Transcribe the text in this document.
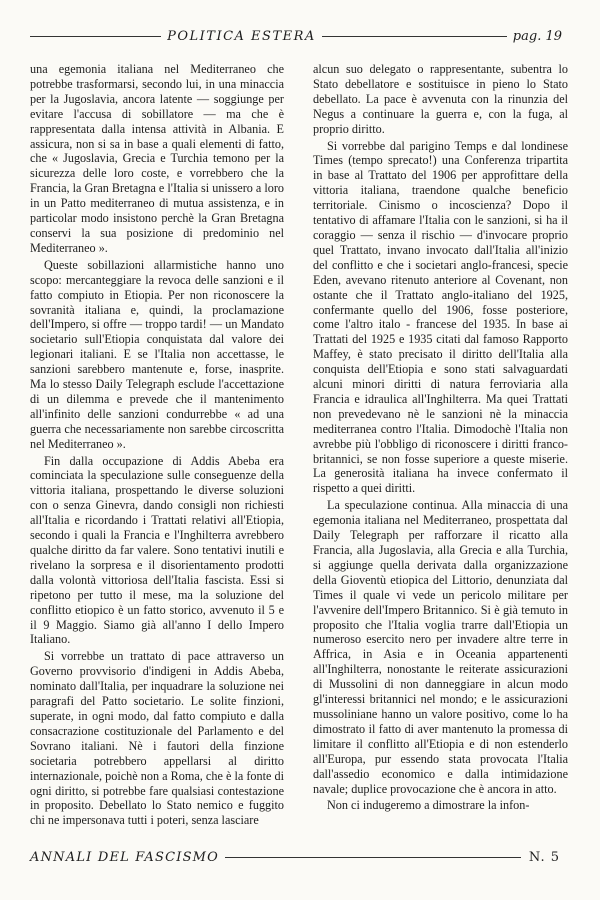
POLITICA ESTERA	pag. 19

una egemonia italiana nel Mediterraneo che potrebbe trasformarsi, secondo lui, in una minaccia per la Jugoslavia, ancora latente — soggiunge per evitare l'accusa di sobillatore — ma che è rappresentata dalla intensa attività in Albania. E assicura, non si sa in base a quali elementi di fatto, che « Jugoslavia, Grecia e Turchia temono per la sicurezza delle loro coste, e vorrebbero che la Francia, la Gran Bretagna e l'Italia si unissero a loro in un Patto mediterraneo di mutua assistenza, e in particolar modo insistono perchè la Gran Bretagna conservi la sua posizione di predominio nel Mediterraneo ».

Queste sobillazioni allarmistiche hanno uno scopo: mercanteggiare la revoca delle sanzioni e il fatto compiuto in Etiopia. Per non riconoscere la sovranità italiana e, quindi, la proclamazione dell'Impero, si offre — troppo tardi! — un Mandato societario sull'Etiopia conquistata dal valore dei legionari italiani. E se l'Italia non accettasse, le sanzioni sarebbero mantenute e, forse, inasprite. Ma lo stesso Daily Telegraph esclude l'accettazione di un dilemma e prevede che il mantenimento all'infinito delle sanzioni condurrebbe « ad una guerra che necessariamente non sarebbe circoscritta nel Mediterraneo ».

Fin dalla occupazione di Addis Abeba era cominciata la speculazione sulle conseguenze della vittoria italiana, prospettando le diverse soluzioni con o senza Ginevra, dando consigli non richiesti all'Italia e ricordando i Trattati relativi all'Etiopia, secondo i quali la Francia e l'Inghilterra avrebbero qualche diritto da far valere. Sono tentativi inutili e rivelano la sorpresa e il disorientamento prodotti dalla volontà vittoriosa dell'Italia fascista. Essi si ripetono per tutto il mese, ma la soluzione del conflitto etiopico è un fatto storico, avvenuto il 5 e il 9 Maggio. Siamo già all'anno I dello Impero Italiano.

Si vorrebbe un trattato di pace attraverso un Governo provvisorio d'indigeni in Addis Abeba, nominato dall'Italia, per inquadrare la soluzione nei paragrafi del Patto societario. Le solite finzioni, superate, in ogni modo, dal fatto compiuto e dalla consacrazione costituzionale del Parlamento e del Sovrano italiani. Nè i fautori della finzione societaria potrebbero appellarsi al diritto internazionale, poichè non a Roma, che è la fonte di ogni diritto, si potrebbe fare qualsiasi contestazione in proposito. Debellato lo Stato nemico e fuggito chi ne impersonava tutti i poteri, senza lasciare

alcun suo delegato o rappresentante, subentra lo Stato debellatore e sostituisce in pieno lo Stato debellato. La pace è avvenuta con la rinunzia del Negus a continuare la guerra e, con la fuga, al proprio diritto.

Si vorrebbe dal parigino Temps e dal londinese Times (tempo sprecato!) una Conferenza tripartita in base al Trattato del 1906 per approfittare della vittoria italiana, traendone qualche beneficio territoriale. Cinismo o incoscienza? Dopo il tentativo di affamare l'Italia con le sanzioni, si ha il coraggio — senza il rischio — d'invocare proprio quel Trattato, invano invocato dall'Italia all'inizio del conflitto e che i societari anglo-francesi, specie Eden, avevano ritenuto anteriore al Covenant, non ostante che il Trattato anglo-italiano del 1925, confermante quello del 1906, fosse posteriore, come l'altro italo - francese del 1935. In base ai Trattati del 1925 e 1935 citati dal famoso Rapporto Maffey, è stato precisato il diritto dell'Italia alla conquista dell'Etiopia e sono stati salvaguardati alcuni minori diritti di natura ferroviaria alla Francia e idraulica all'Inghilterra. Ma quei Trattati non prevedevano nè le sanzioni nè la minaccia mediterranea contro l'Italia. Dimodochè l'Italia non avrebbe più l'obbligo di riconoscere i diritti franco-britannici, se non fosse superiore a queste miserie. La generosità italiana ha invece confermato il rispetto a quei diritti.

La speculazione continua. Alla minaccia di una egemonia italiana nel Mediterraneo, prospettata dal Daily Telegraph per rafforzare il ricatto alla Francia, alla Jugoslavia, alla Grecia e alla Turchia, si aggiunge quella derivata dalla organizzazione della Gioventù etiopica del Littorio, denunziata dal Times il quale vi vede un pericolo militare per l'avvenire dell'Impero Britannico. Si è già temuto in proposito che l'Italia voglia trarre dall'Etiopia un numeroso esercito nero per invadere altre terre in Affrica, in Asia e in Oceania appartenenti all'Inghilterra, nonostante le reiterate assicurazioni di Mussolini di non danneggiare in alcun modo gl'interessi britannici nel mondo; e le assicurazioni mussoliniane hanno un valore positivo, come lo ha dimostrato il fatto di aver mantenuto la promessa di limitare il conflitto all'Etiopia e di non estenderlo all'Europa, pur essendo stata provocata l'Italia dall'assedio economico e dalla intimidazione navale; duplice provocazione che è ancora in atto.

Non ci indugeremo a dimostrare la infon-

ANNALI DEL FASCISMO	N. 5
